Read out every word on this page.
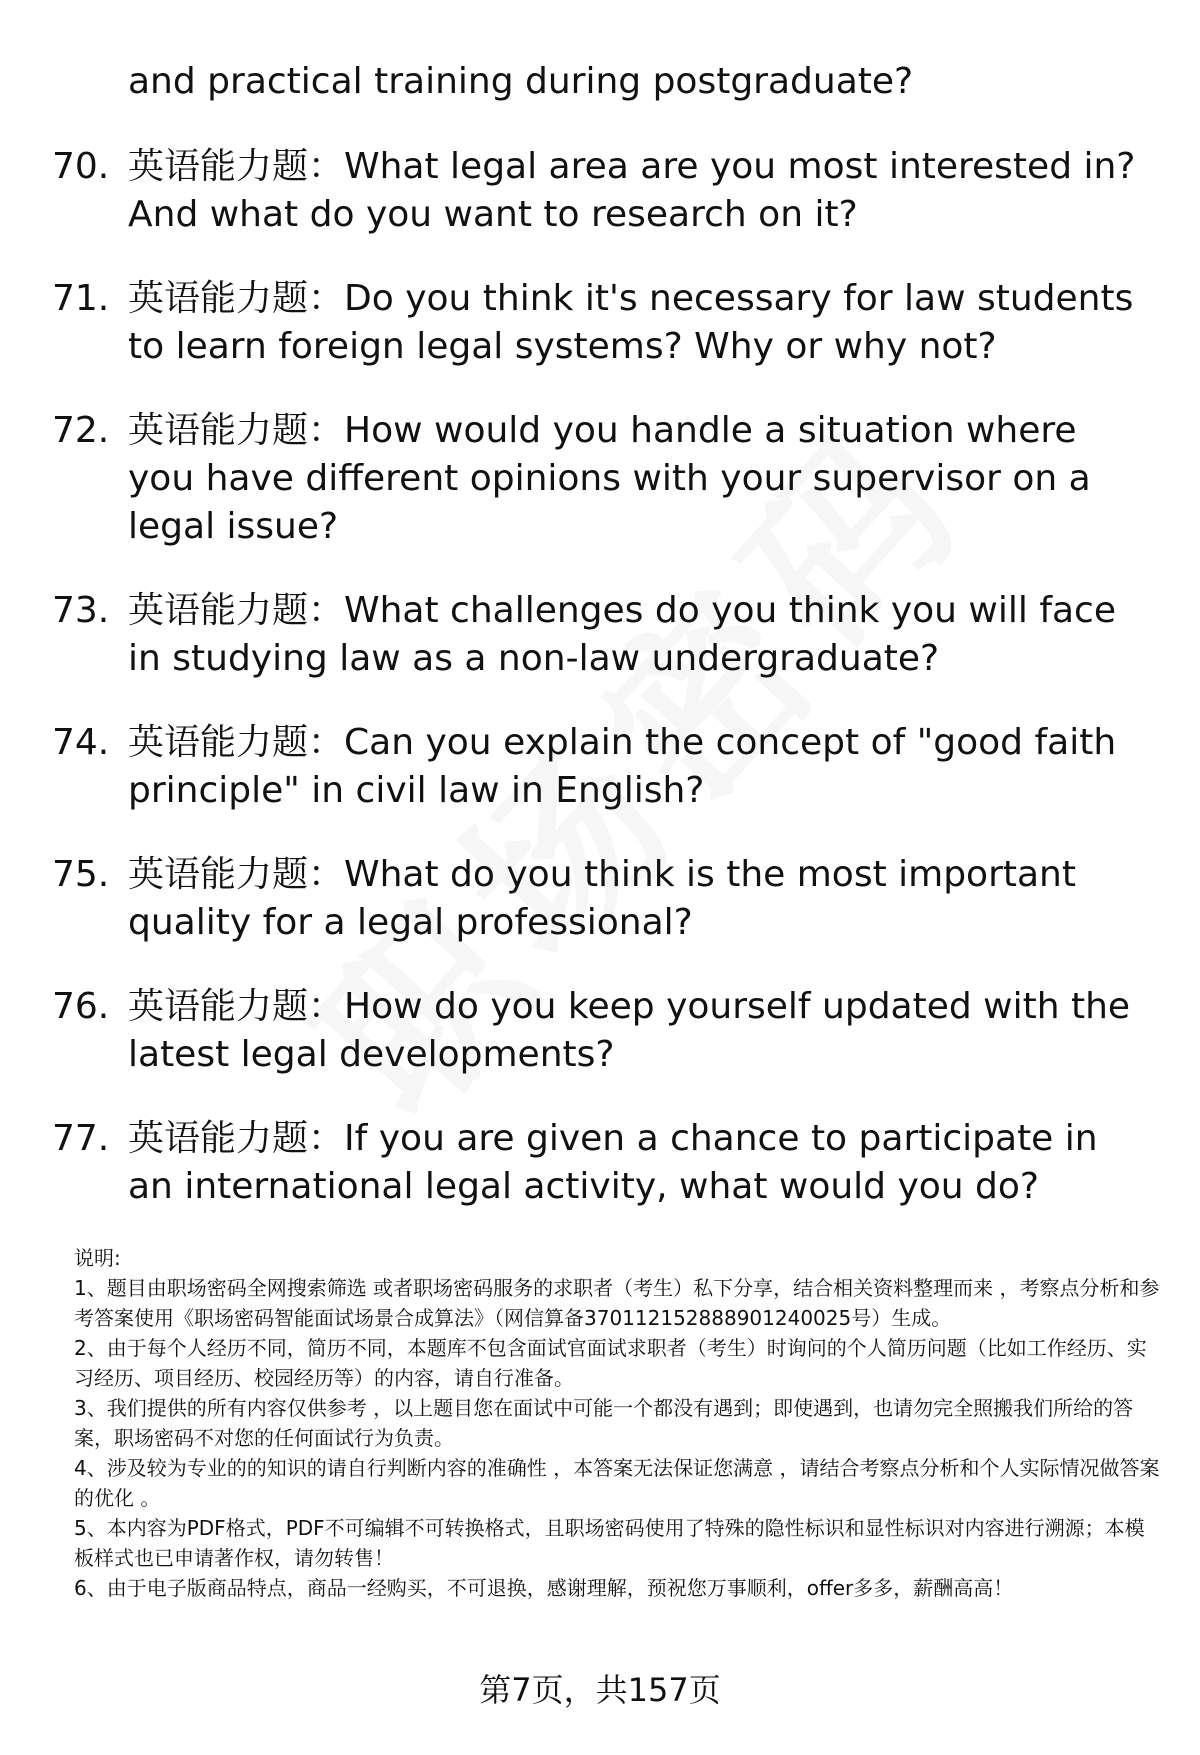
and practical training during postgraduate?
70. 英语能力题：What legal area are you most interested in? And what do you want to research on it?
71. 英语能力题：Do you think it's necessary for law students to learn foreign legal systems? Why or why not?
72. 英语能力题：How would you handle a situation where you have different opinions with your supervisor on a legal issue?
73. 英语能力题：What challenges do you think you will face in studying law as a non-law undergraduate?
74. 英语能力题：Can you explain the concept of "good faith principle" in civil law in English?
75. 英语能力题：What do you think is the most important quality for a legal professional?
76. 英语能力题：How do you keep yourself updated with the latest legal developments?
77. 英语能力题：If you are given a chance to participate in an international legal activity, what would you do?
说明:
1、题目由职场密码全网搜索筛选 或者职场密码服务的求职者（考生）私下分享，结合相关资料整理而来 ，考察点分析和参考答案使用《职场密码智能面试场景合成算法》（网信算备370112152888901240025号）生成。
2、由于每个人经历不同，简历不同，本题库不包含面试官面试求职者（考生）时询问的个人简历问题（比如工作经历、实习经历、项目经历、校园经历等）的内容，请自行准备。
3、我们提供的所有内容仅供参考 ，以上题目您在面试中可能一个都没有遇到；即使遇到，也请勿完全照搬我们所给的答案，职场密码不对您的任何面试行为负责。
4、涉及较为专业的的知识的请自行判断内容的准确性 ，本答案无法保证您满意 ，请结合考察点分析和个人实际情况做答案的优化 。
5、本内容为PDF格式，PDF不可编辑不可转换格式，且职场密码使用了特殊的隐性标识和显性标识对内容进行溯源；本模板样式也已申请著作权，请勿转售！
6、由于电子版商品特点，商品一经购买，不可退换，感谢理解，预祝您万事顺利，offer多多，薪酬高高！
第7页，共157页
